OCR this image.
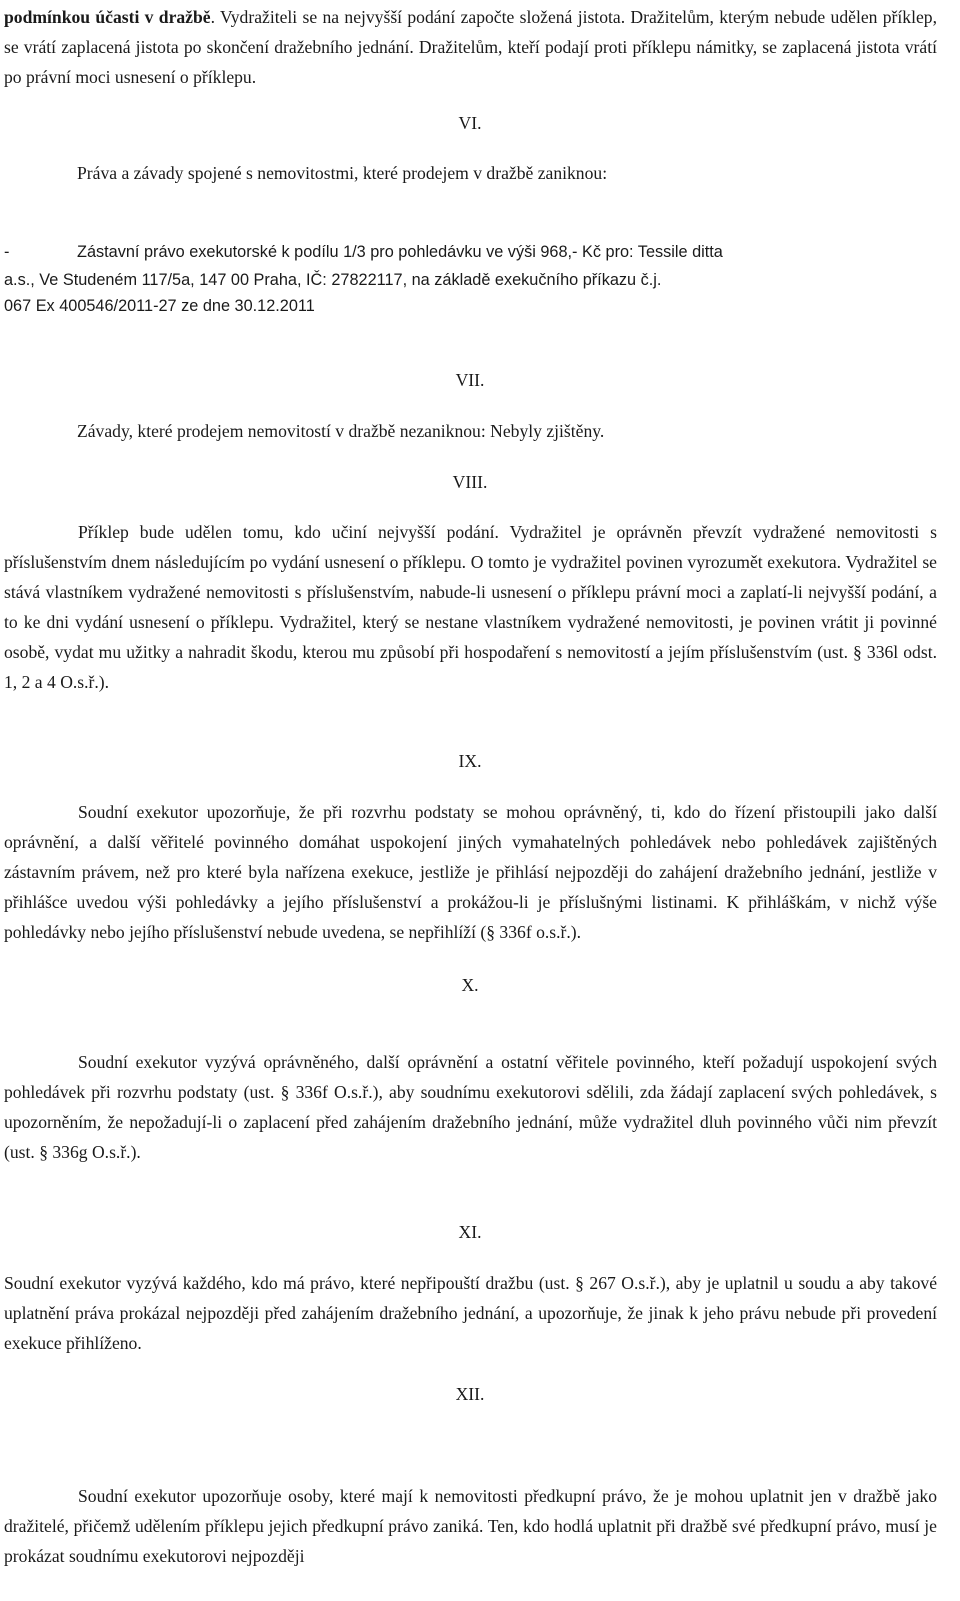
podmínkou účasti v dražbě. Vydražiteli se na nejvyšší podání započte složená jistota. Dražitelům, kterým nebude udělen příklep, se vrátí zaplacená jistota po skončení dražebního jednání. Dražitelům, kteří podají proti příklepu námitky, se zaplacená jistota vrátí po právní moci usnesení o příklepu.

VI.
Práva a závady spojené s nemovitostmi, které prodejem v dražbě zaniknou:
-	Zástavní právo exekutorské k podílu 1/3 pro pohledávku ve výši 968,- Kč pro: Tessile ditta
a.s., Ve Studeném 117/5a, 147 00 Praha, IČ: 27822117, na základě exekučního příkazu č.j.
067 Ex 400546/2011-27 ze dne 30.12.2011
VII.
Závady, které prodejem nemovitostí v dražbě nezaniknou: Nebyly zjištěny.
VIII.

Příklep bude udělen tomu, kdo učiní nejvyšší podání. Vydražitel je oprávněn převzít vydražené nemovitosti s příslušenstvím dnem následujícím po vydání usnesení o příklepu. O tomto je vydražitel povinen vyrozumět exekutora. Vydražitel se stává vlastníkem vydražené nemovitosti s příslušenstvím, nabude-li usnesení o příklepu právní moci a zaplatí-li nejvyšší podání, a to ke dni vydání usnesení o příklepu. Vydražitel, který se nestane vlastníkem vydražené nemovitosti, je povinen vrátit ji povinné osobě, vydat mu užitky a nahradit škodu, kterou mu způsobí při hospodaření s nemovitostí a jejím příslušenstvím (ust. § 336l odst. 1, 2 a 4 O.s.ř.).

IX.

Soudní exekutor upozorňuje, že při rozvrhu podstaty se mohou oprávněný, ti, kdo do řízení přistoupili jako další oprávnění, a další věřitelé povinného domáhat uspokojení jiných vymahatelných pohledávek nebo pohledávek zajištěných zástavním právem, než pro které byla nařízena exekuce, jestliže je přihlásí nejpozději do zahájení dražebního jednání, jestliže v přihlášce uvedou výši pohledávky a jejího příslušenství a prokážou-li je příslušnými listinami. K přihláškám, v nichž výše pohledávky nebo jejího příslušenství nebude uvedena, se nepřihlíží (§ 336f o.s.ř.).

X.

Soudní exekutor vyzývá oprávněného, další oprávnění a ostatní věřitele povinného, kteří požadují uspokojení svých pohledávek při rozvrhu podstaty (ust. § 336f O.s.ř.), aby soudnímu exekutorovi sdělili, zda žádají zaplacení svých pohledávek, s upozorněním, že nepožadují-li o zaplacení před zahájením dražebního jednání, může vydražitel dluh povinného vůči nim převzít (ust. § 336g O.s.ř.).

XI.

Soudní exekutor vyzývá každého, kdo má právo, které nepřipouští dražbu (ust. § 267 O.s.ř.), aby je uplatnil u soudu a aby takové uplatnění práva prokázal nejpozději před zahájením dražebního jednání, a upozorňuje, že jinak k jeho právu nebude při provedení exekuce přihlíženo.

XII.

Soudní exekutor upozorňuje osoby, které mají k nemovitosti předkupní právo, že je mohou uplatnit jen v dražbě jako dražitelé, přičemž udělením příklepu jejich předkupní právo zaniká. Ten, kdo hodlá uplatnit při dražbě své předkupní právo, musí je prokázat soudnímu exekutorovi nejpozději
